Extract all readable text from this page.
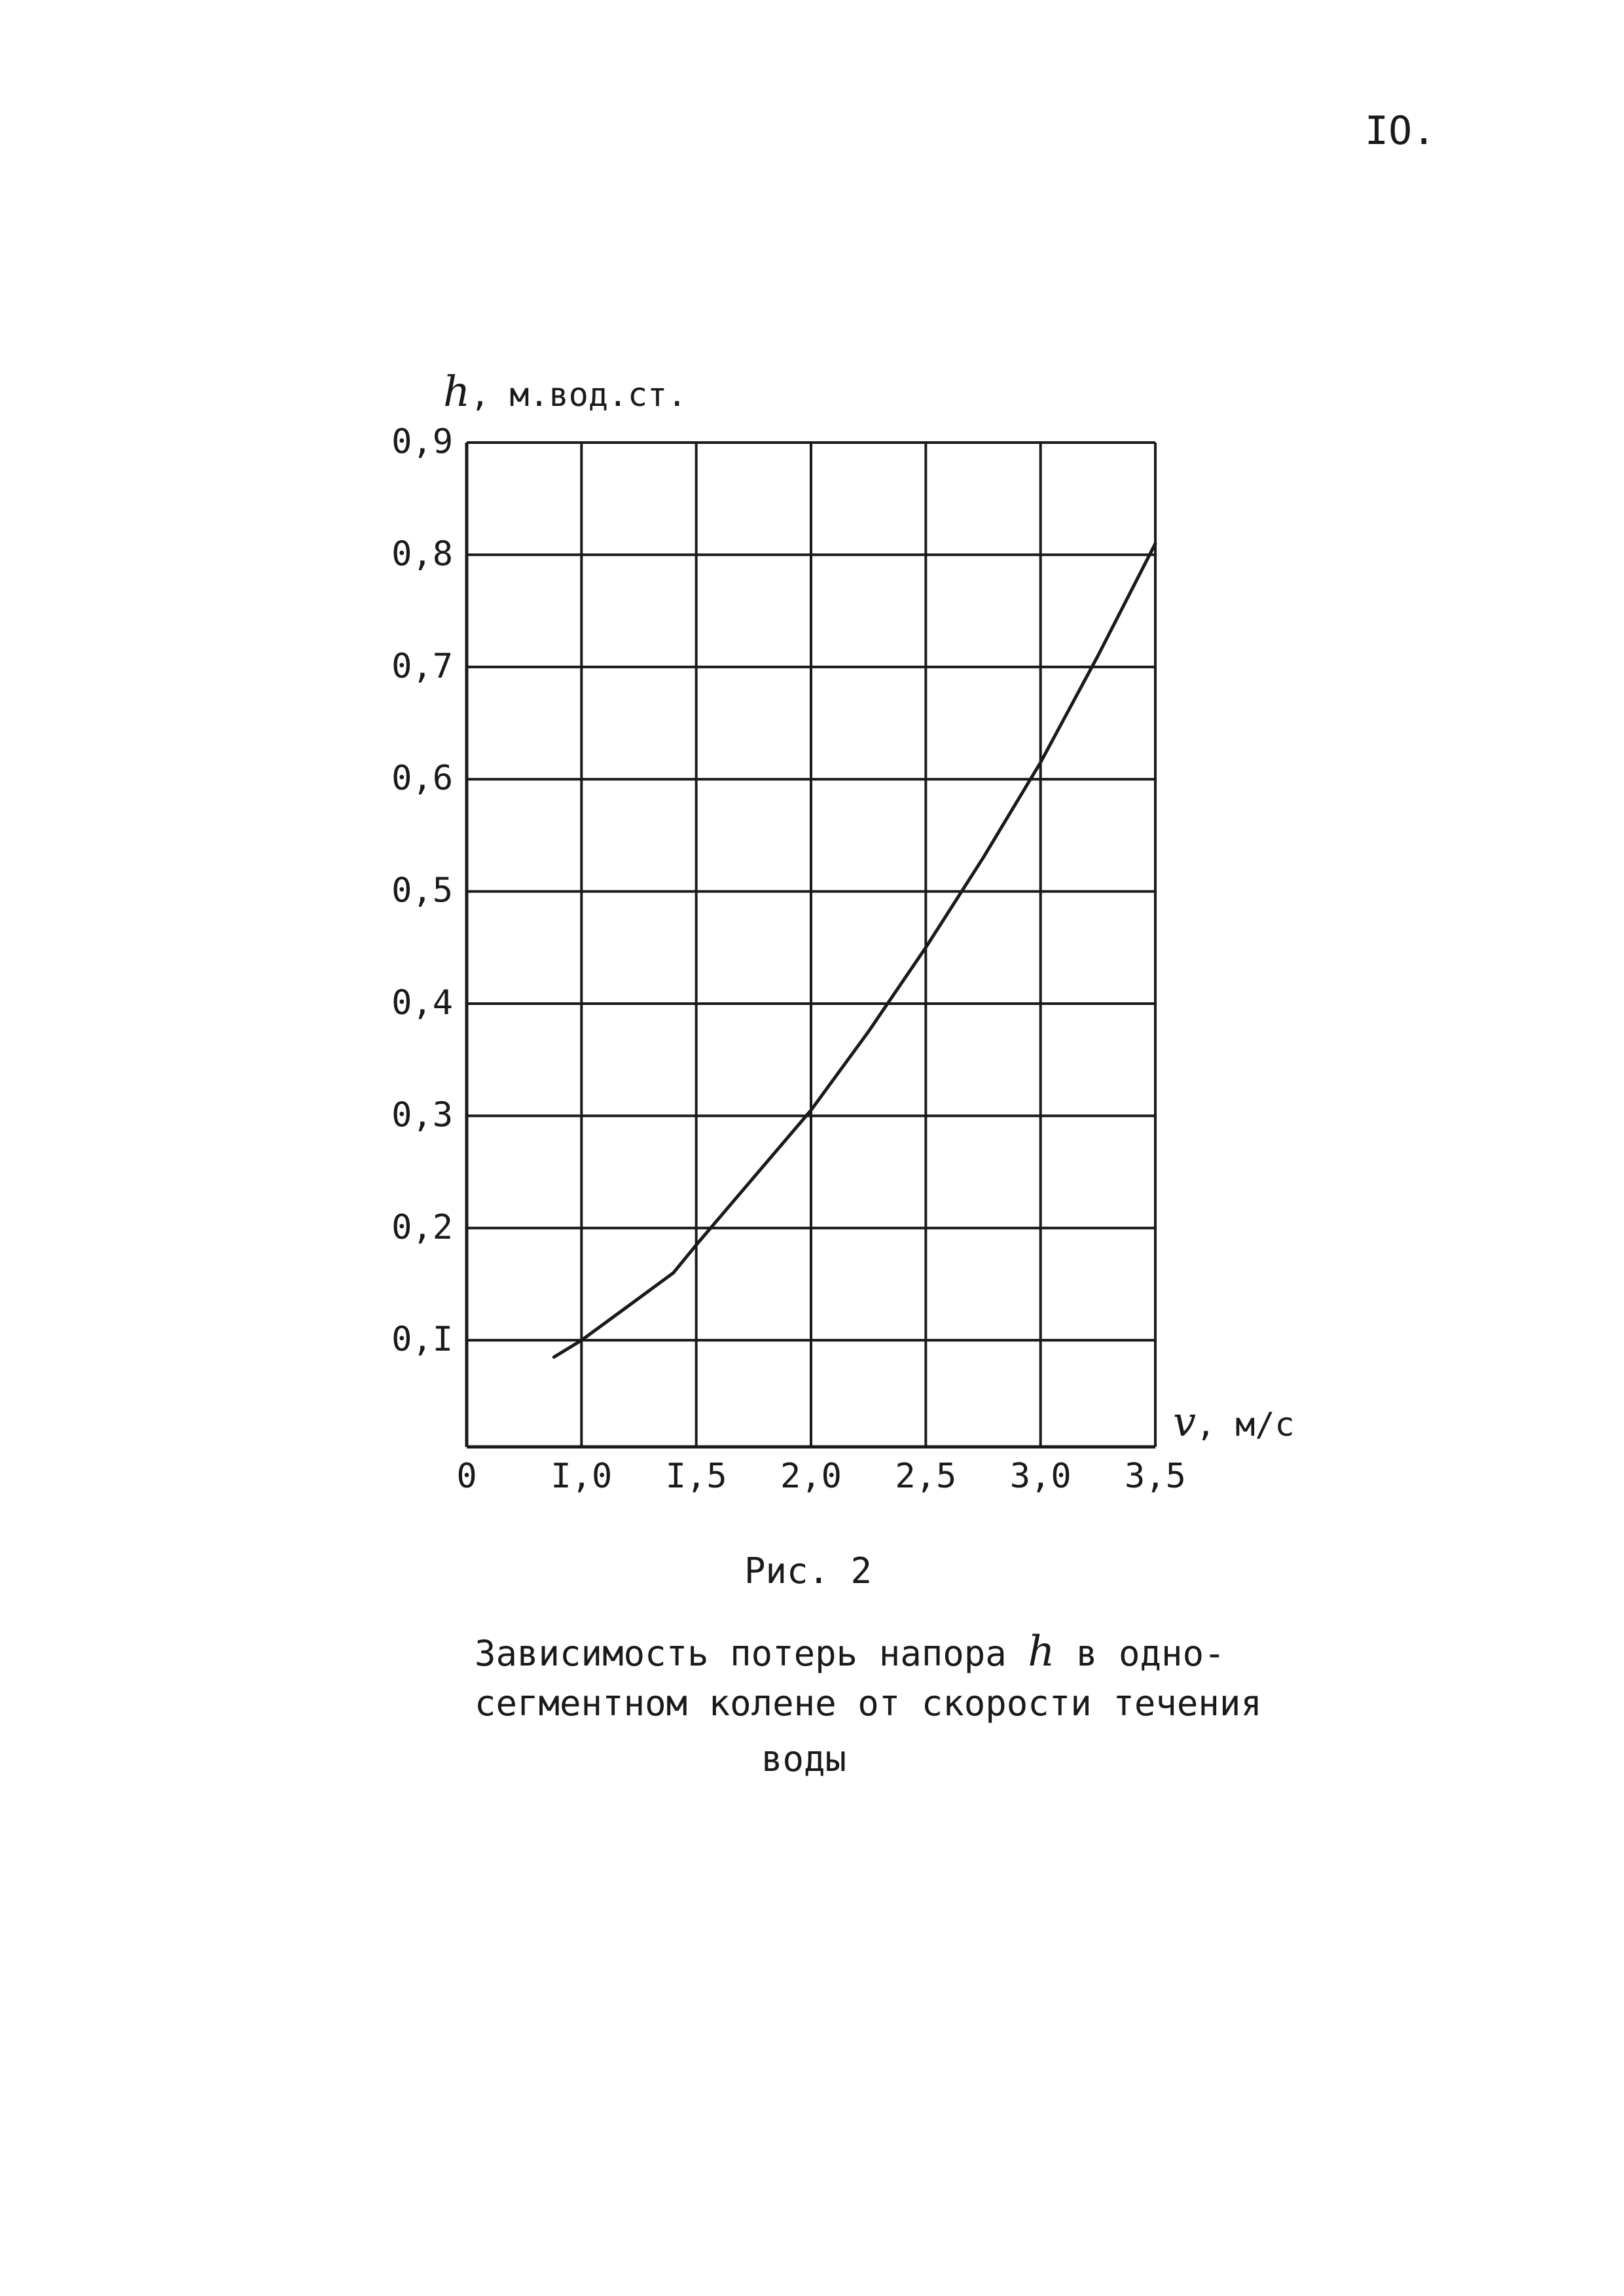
IO.
0,I
0,2
0,3
0,4
0,5
0,6
0,7
0,8
0,9
0 I,0 I,5 2,0 2,5 3,0 3,5
h, м.вод.ст.
v, м/с
Рис. 2
Зависимость потерь напора h в одно-
сегментном колене от скорости течения
воды
